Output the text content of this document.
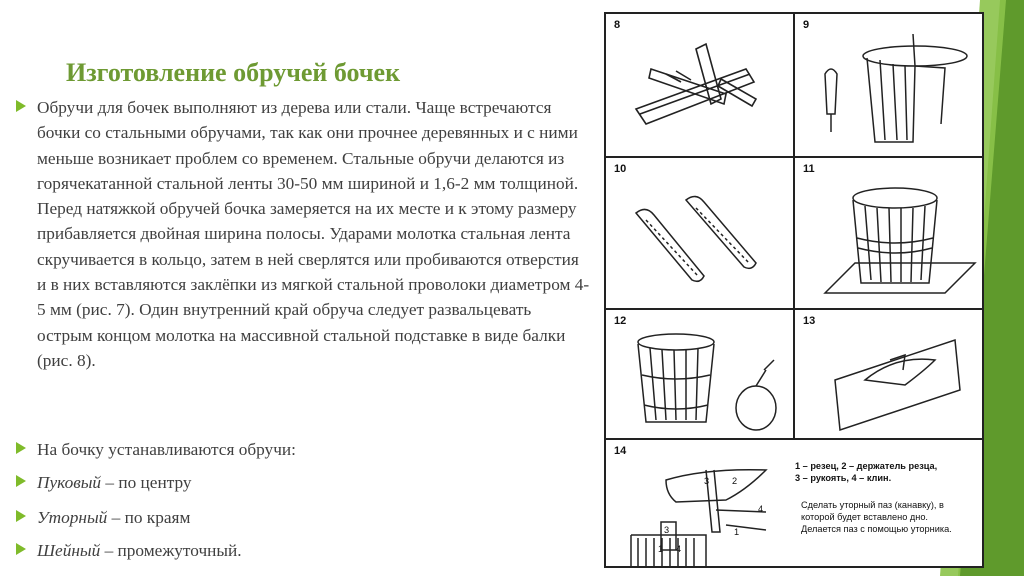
Изготовление обручей бочек
Обручи для бочек выполняют из дерева или стали. Чаще встречаются бочки со стальными обручами, так как они прочнее деревянных и с ними меньше возникает проблем со временем. Стальные обручи делаются из горячекатанной стальной ленты 30-50 мм шириной и 1,6-2 мм толщиной. Перед натяжкой обручей бочка замеряется на их месте и к этому размеру прибавляется двойная ширина полосы. Ударами молотка стальная лента скручивается в кольцо, затем в ней сверлятся или пробиваются отверстия и в них вставляются заклёпки из мягкой стальной проволоки диаметром 4-5 мм (рис. 7). Один внутренний край обруча следует развальцевать острым концом молотка на массивной стальной подставке в виде балки (рис. 8).
На бочку устанавливаются обручи:
Пуковый – по центру
Уторный – по краям
Шейный – промежуточный.
8	9
10	11
12	13
14
3 2
4
1
3
1 4
1 – резец, 2 – держатель резца,
3 – рукоять, 4 – клин.
Сделать уторный паз (канавку), в
которой будет вставлено дно.
Делается паз с помощью уторника.
